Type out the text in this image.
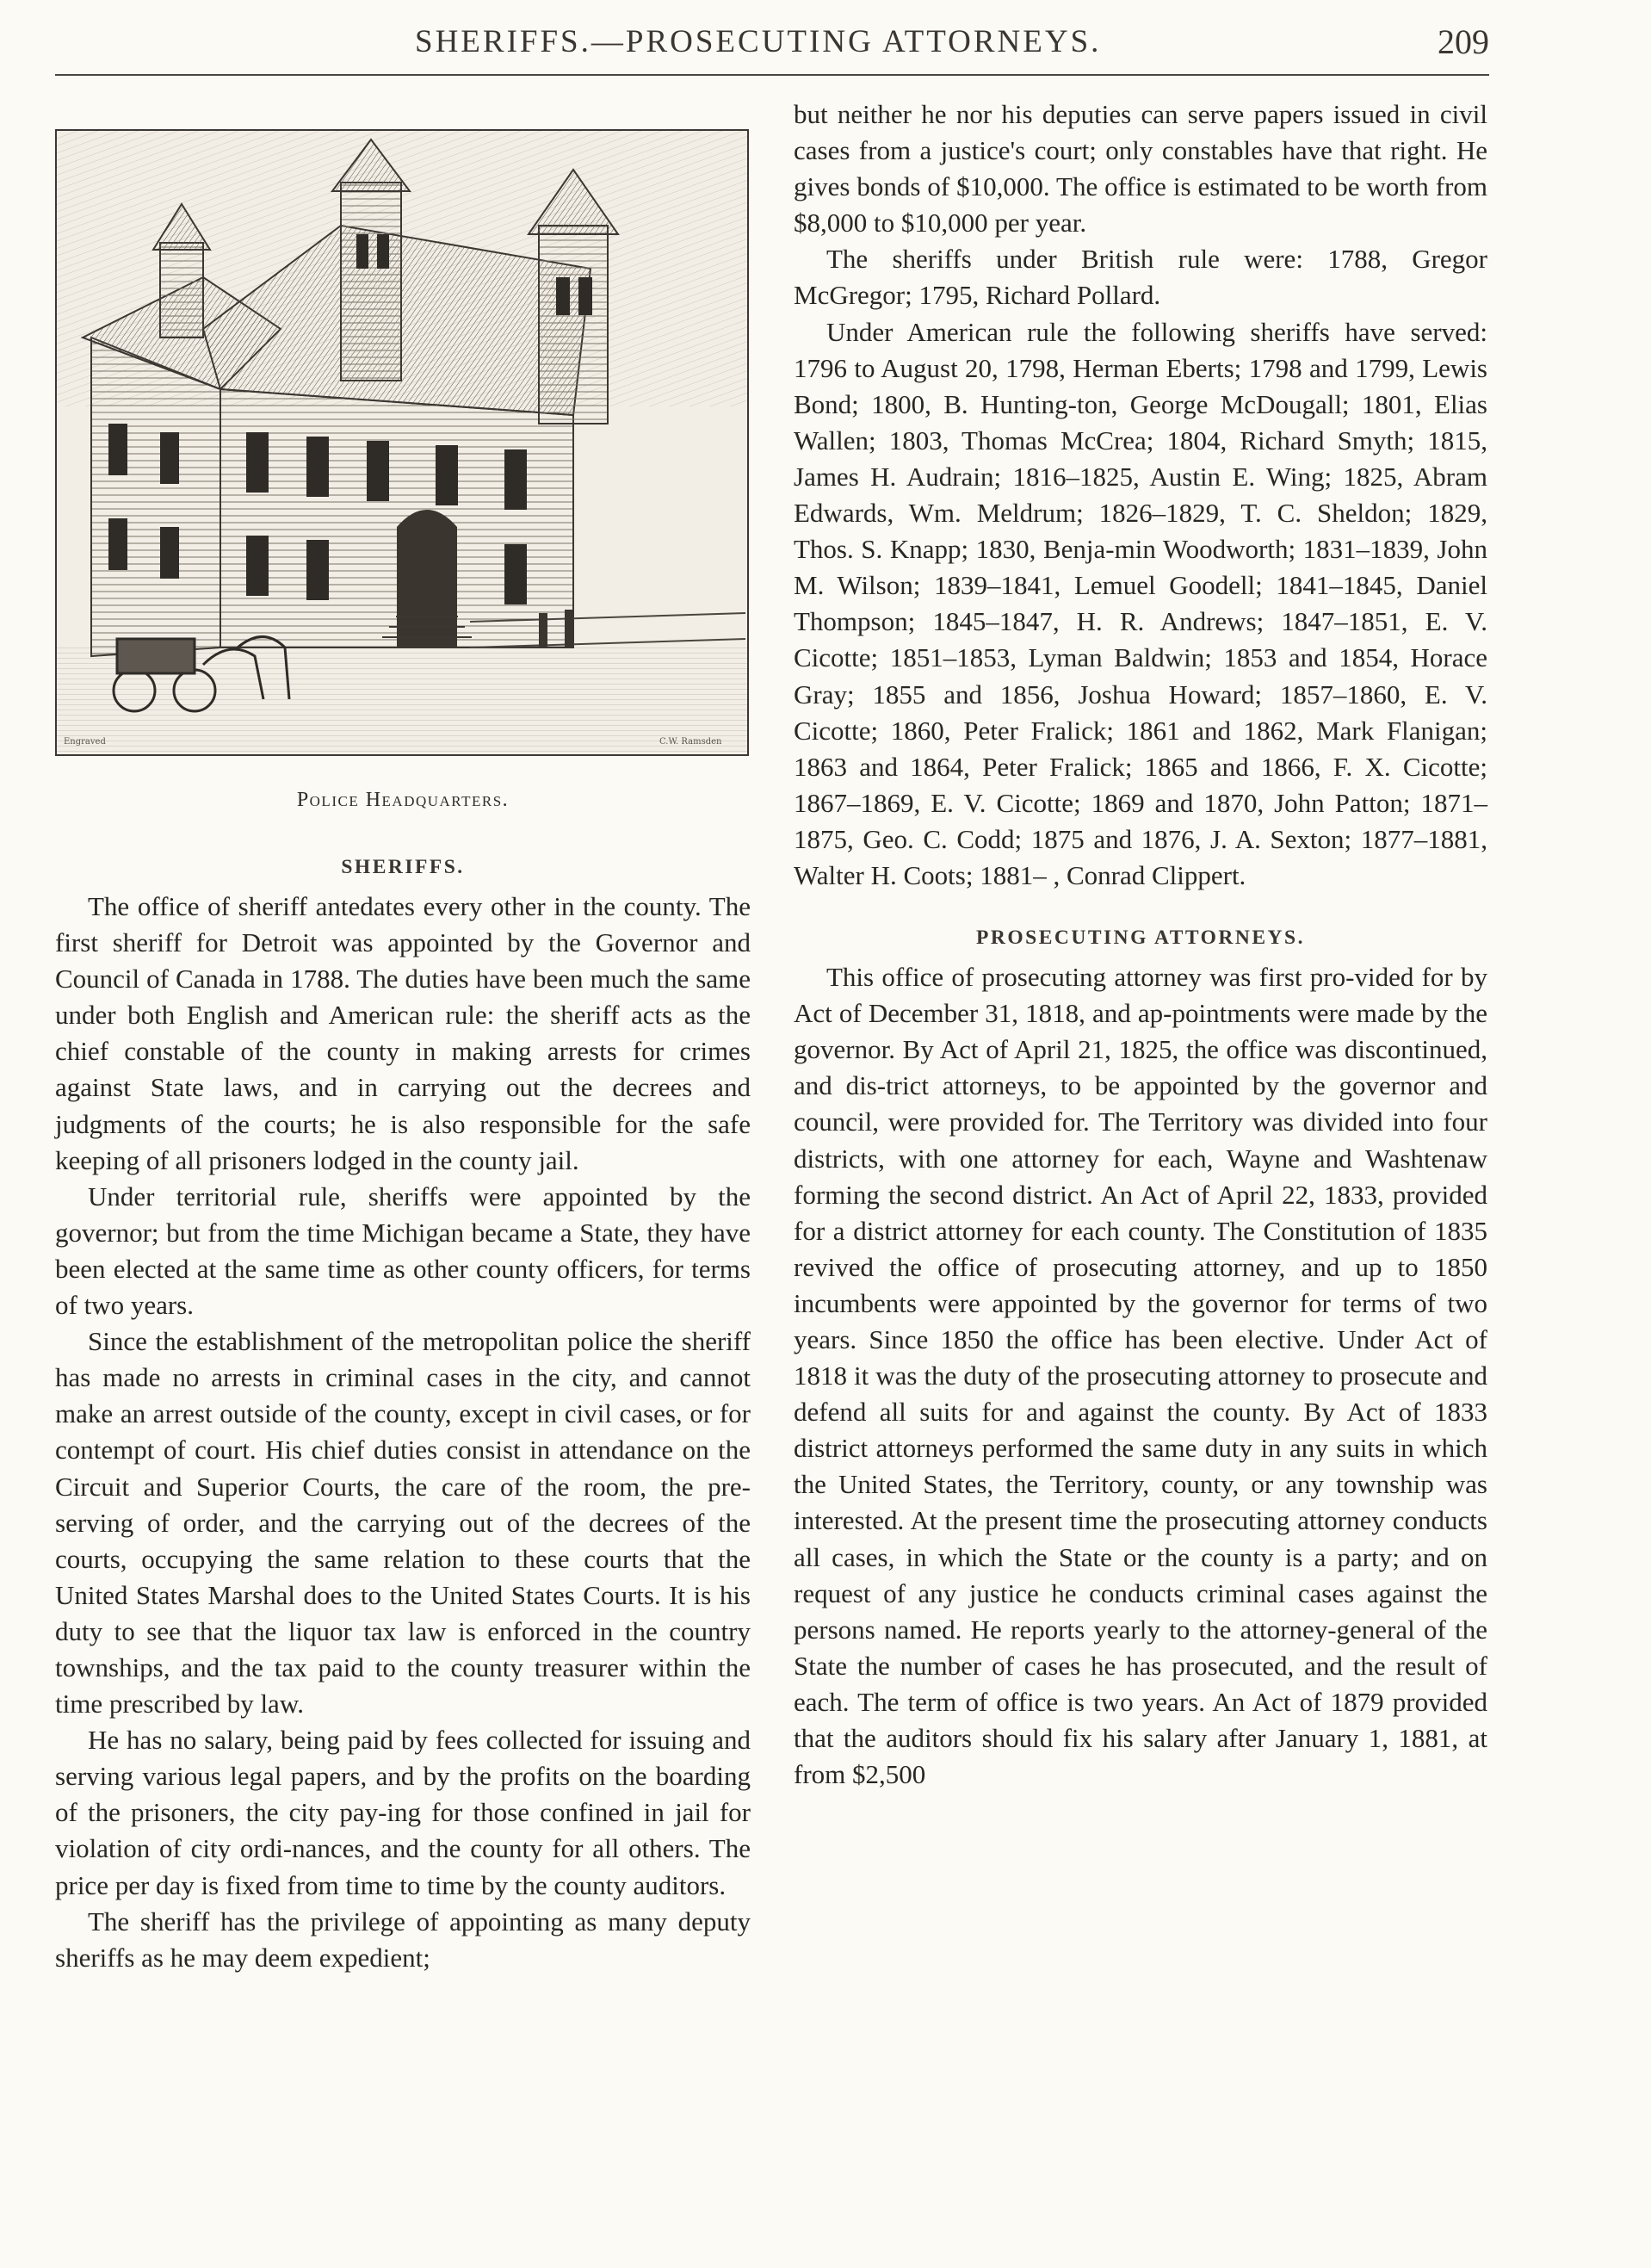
SHERIFFS.—PROSECUTING ATTORNEYS.	209
Engraved	C.W. Ramsden

Police Headquarters.

SHERIFFS.

The office of sheriff antedates every other in the county. The first sheriff for Detroit was appointed by the Governor and Council of Canada in 1788. The duties have been much the same under both English and American rule: the sheriff acts as the chief constable of the county in making arrests for crimes against State laws, and in carrying out the decrees and judgments of the courts; he is also responsible for the safe keeping of all prisoners lodged in the county jail.

Under territorial rule, sheriffs were appointed by the governor; but from the time Michigan became a State, they have been elected at the same time as other county officers, for terms of two years.

Since the establishment of the metropolitan police the sheriff has made no arrests in criminal cases in the city, and cannot make an arrest outside of the county, except in civil cases, or for contempt of court. His chief duties consist in attendance on the Circuit and Superior Courts, the care of the room, the pre-serving of order, and the carrying out of the decrees of the courts, occupying the same relation to these courts that the United States Marshal does to the United States Courts. It is his duty to see that the liquor tax law is enforced in the country townships, and the tax paid to the county treasurer within the time prescribed by law.

He has no salary, being paid by fees collected for issuing and serving various legal papers, and by the profits on the boarding of the prisoners, the city pay-ing for those confined in jail for violation of city ordi-nances, and the county for all others. The price per day is fixed from time to time by the county auditors.

The sheriff has the privilege of appointing as many deputy sheriffs as he may deem expedient;

but neither he nor his deputies can serve papers issued in civil cases from a justice's court; only constables have that right. He gives bonds of $10,000. The office is estimated to be worth from $8,000 to $10,000 per year.

The sheriffs under British rule were: 1788, Gregor McGregor; 1795, Richard Pollard.

Under American rule the following sheriffs have served: 1796 to August 20, 1798, Herman Eberts; 1798 and 1799, Lewis Bond; 1800, B. Hunting-ton, George McDougall; 1801, Elias Wallen; 1803, Thomas McCrea; 1804, Richard Smyth; 1815, James H. Audrain; 1816–1825, Austin E. Wing; 1825, Abram Edwards, Wm. Meldrum; 1826–1829, T. C. Sheldon; 1829, Thos. S. Knapp; 1830, Benja-min Woodworth; 1831–1839, John M. Wilson; 1839–1841, Lemuel Goodell; 1841–1845, Daniel Thompson; 1845–1847, H. R. Andrews; 1847–1851, E. V. Cicotte; 1851–1853, Lyman Baldwin; 1853 and 1854, Horace Gray; 1855 and 1856, Joshua Howard; 1857–1860, E. V. Cicotte; 1860, Peter Fralick; 1861 and 1862, Mark Flanigan; 1863 and 1864, Peter Fralick; 1865 and 1866, F. X. Cicotte; 1867–1869, E. V. Cicotte; 1869 and 1870, John Patton; 1871–1875, Geo. C. Codd; 1875 and 1876, J. A. Sexton; 1877–1881, Walter H. Coots; 1881– , Conrad Clippert.

PROSECUTING ATTORNEYS.

This office of prosecuting attorney was first pro-vided for by Act of December 31, 1818, and ap-pointments were made by the governor. By Act of April 21, 1825, the office was discontinued, and dis-trict attorneys, to be appointed by the governor and council, were provided for. The Territory was divided into four districts, with one attorney for each, Wayne and Washtenaw forming the second district. An Act of April 22, 1833, provided for a district attorney for each county. The Constitution of 1835 revived the office of prosecuting attorney, and up to 1850 incumbents were appointed by the governor for terms of two years. Since 1850 the office has been elective. Under Act of 1818 it was the duty of the prosecuting attorney to prosecute and defend all suits for and against the county. By Act of 1833 district attorneys performed the same duty in any suits in which the United States, the Territory, county, or any township was interested. At the present time the prosecuting attorney conducts all cases, in which the State or the county is a party; and on request of any justice he conducts criminal cases against the persons named. He reports yearly to the attorney-general of the State the number of cases he has prosecuted, and the result of each. The term of office is two years. An Act of 1879 provided that the auditors should fix his salary after January 1, 1881, at from $2,500
